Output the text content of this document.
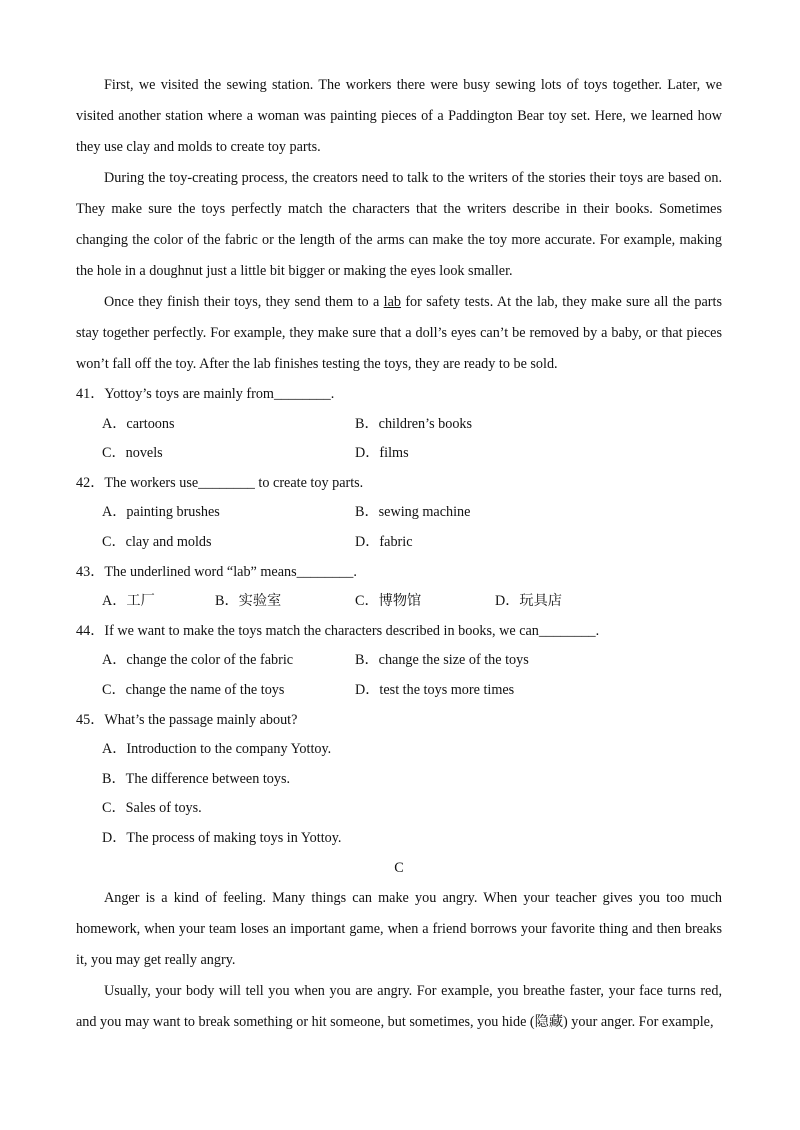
First, we visited the sewing station. The workers there were busy sewing lots of toys together. Later, we visited another station where a woman was painting pieces of a Paddington Bear toy set. Here, we learned how they use clay and molds to create toy parts.

During the toy-creating process, the creators need to talk to the writers of the stories their toys are based on. They make sure the toys perfectly match the characters that the writers describe in their books. Sometimes changing the color of the fabric or the length of the arms can make the toy more accurate. For example, making the hole in a doughnut just a little bit bigger or making the eyes look smaller.

Once they finish their toys, they send them to a lab for safety tests. At the lab, they make sure all the parts stay together perfectly. For example, they make sure that a doll’s eyes can’t be removed by a baby, or that pieces won’t fall off the toy. After the lab finishes testing the toys, they are ready to be sold.

41．Yottoy’s toys are mainly from________.

A．cartoons	B．children’s books
C．novels	D．films

42．The workers use________ to create toy parts.

A．painting brushes	B．sewing machine
C．clay and molds	D．fabric

43．The underlined word “lab” means________.

A．工厂	B．实验室	C．博物馆	D．玩具店

44．If we want to make the toys match the characters described in books, we can________.

A．change the color of the fabric	B．change the size of the toys
C．change the name of the toys	D．test the toys more times

45．What’s the passage mainly about?

A．Introduction to the company Yottoy.
B．The difference between toys.
C．Sales of toys.
D．The process of making toys in Yottoy.

C

Anger is a kind of feeling. Many things can make you angry. When your teacher gives you too much homework, when your team loses an important game, when a friend borrows your favorite thing and then breaks it, you may get really angry.

Usually, your body will tell you when you are angry. For example, you breathe faster, your face turns red, and you may want to break something or hit someone, but sometimes, you hide (隐藏) your anger. For example,
